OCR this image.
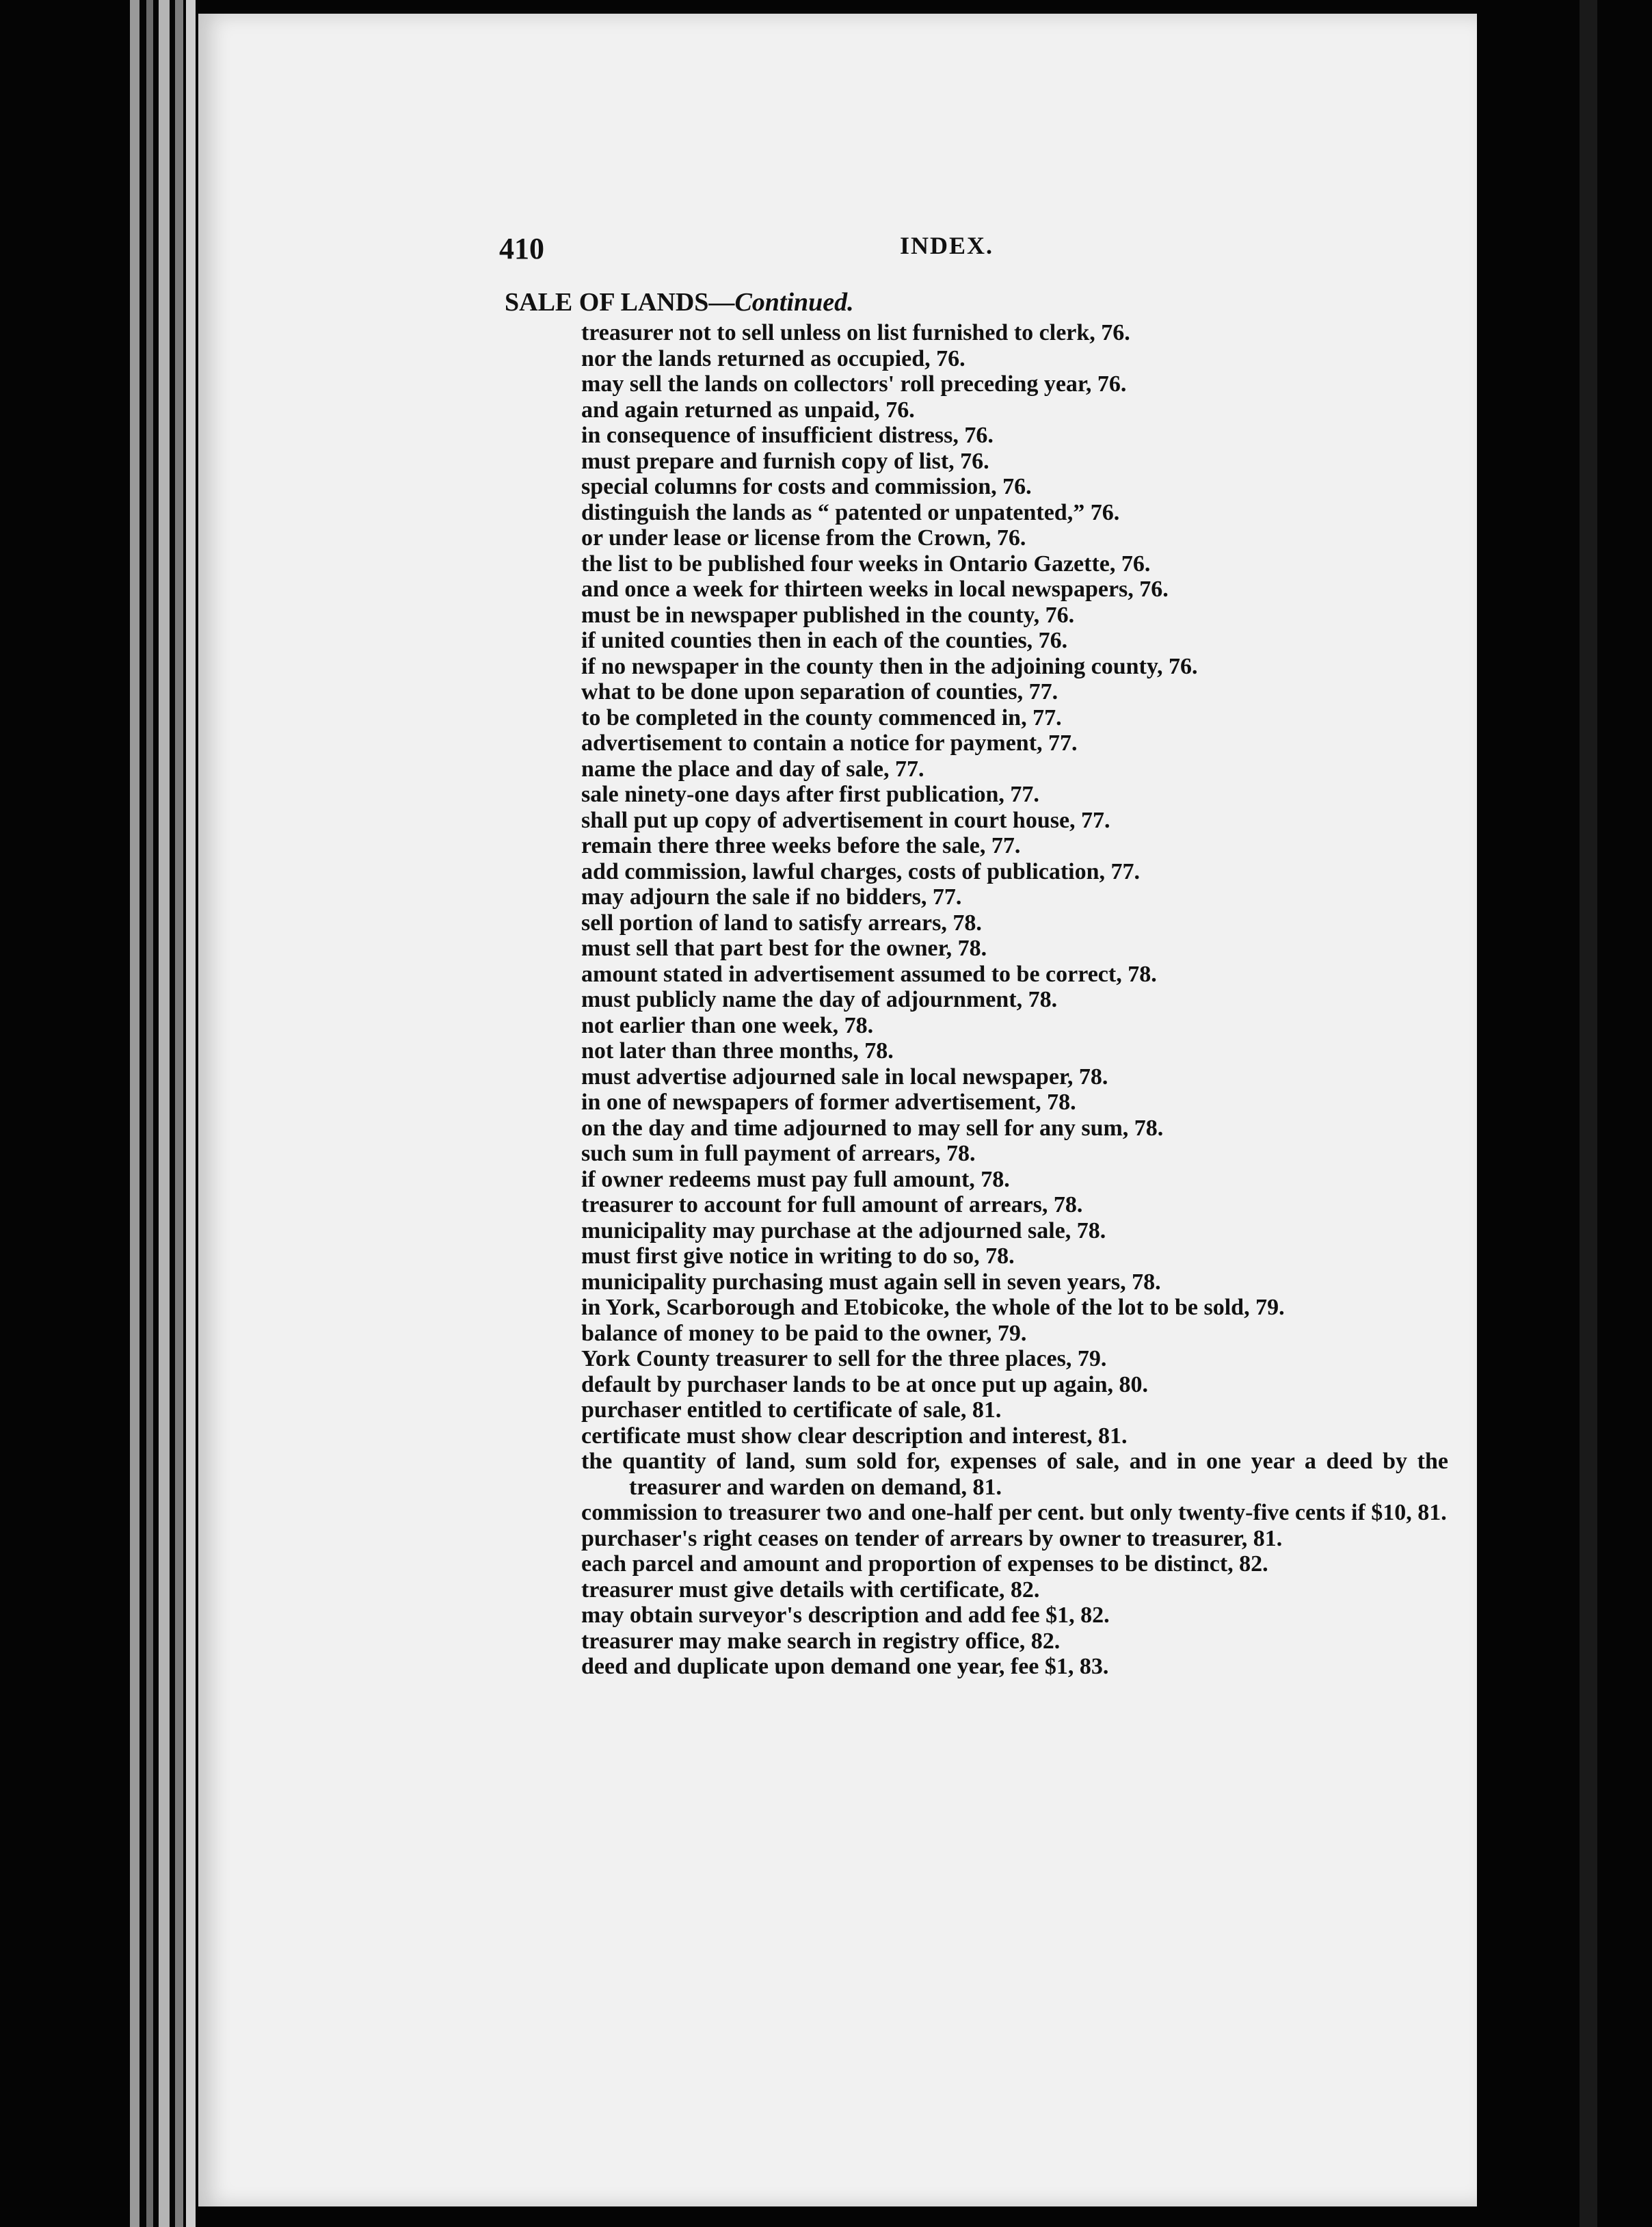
410	INDEX.
SALE OF LANDS—Continued.
treasurer not to sell unless on list furnished to clerk, 76.
nor the lands returned as occupied, 76.
may sell the lands on collectors' roll preceding year, 76.
and again returned as unpaid, 76.
in consequence of insufficient distress, 76.
must prepare and furnish copy of list, 76.
special columns for costs and commission, 76.
distinguish the lands as “ patented or unpatented,” 76.
or under lease or license from the Crown, 76.
the list to be published four weeks in Ontario Gazette, 76.
and once a week for thirteen weeks in local newspapers, 76.
must be in newspaper published in the county, 76.
if united counties then in each of the counties, 76.
if no newspaper in the county then in the adjoining county, 76.
what to be done upon separation of counties, 77.
to be completed in the county commenced in, 77.
advertisement to contain a notice for payment, 77.
name the place and day of sale, 77.
sale ninety-one days after first publication, 77.
shall put up copy of advertisement in court house, 77.
remain there three weeks before the sale, 77.
add commission, lawful charges, costs of publication, 77.
may adjourn the sale if no bidders, 77.
sell portion of land to satisfy arrears, 78.
must sell that part best for the owner, 78.
amount stated in advertisement assumed to be correct, 78.
must publicly name the day of adjournment, 78.
not earlier than one week, 78.
not later than three months, 78.
must advertise adjourned sale in local newspaper, 78.
in one of newspapers of former advertisement, 78.
on the day and time adjourned to may sell for any sum, 78.
such sum in full payment of arrears, 78.
if owner redeems must pay full amount, 78.
treasurer to account for full amount of arrears, 78.
municipality may purchase at the adjourned sale, 78.
must first give notice in writing to do so, 78.
municipality purchasing must again sell in seven years, 78.
in York, Scarborough and Etobicoke, the whole of the lot to be sold, 79.
balance of money to be paid to the owner, 79.
York County treasurer to sell for the three places, 79.
default by purchaser lands to be at once put up again, 80.
purchaser entitled to certificate of sale, 81.
certificate must show clear description and interest, 81.
the quantity of land, sum sold for, expenses of sale, and in one year a deed by the treasurer and warden on demand, 81.
commission to treasurer two and one-half per cent. but only twenty-five cents if $10, 81.
purchaser's right ceases on tender of arrears by owner to treasurer, 81.
each parcel and amount and proportion of expenses to be distinct, 82.
treasurer must give details with certificate, 82.
may obtain surveyor's description and add fee $1, 82.
treasurer may make search in registry office, 82.
deed and duplicate upon demand one year, fee $1, 83.
